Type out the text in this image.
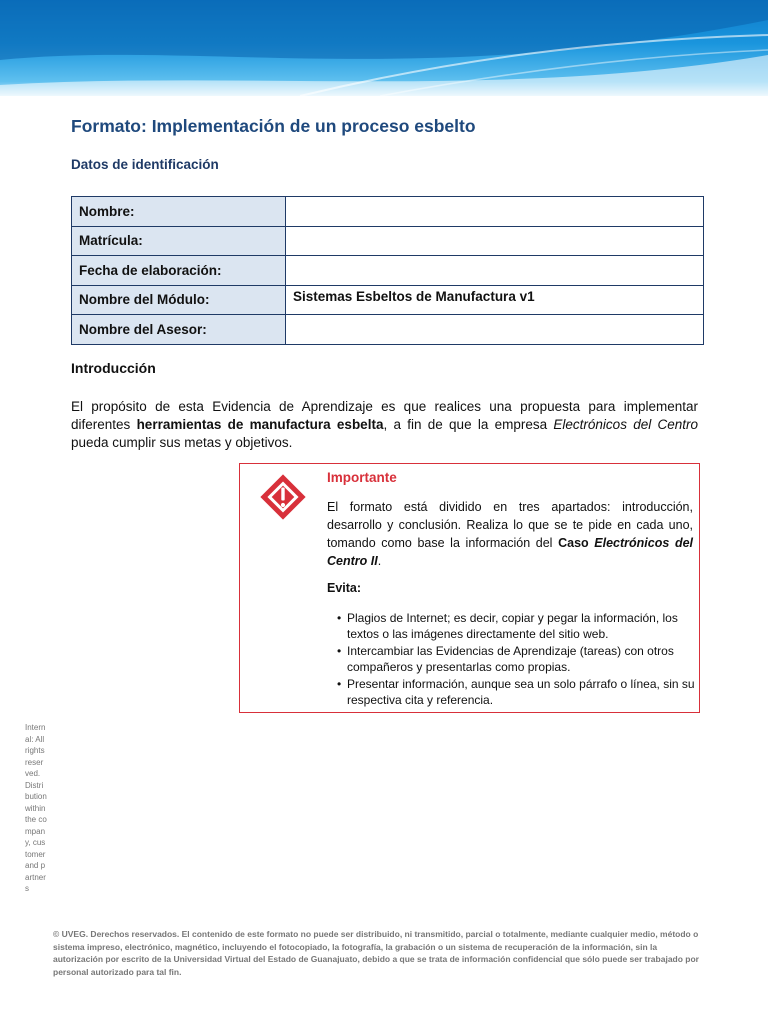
Formato: Implementación de un proceso esbelto
Datos de identificación
Nombre:	
Matrícula:	
Fecha de elaboración:	
Nombre del Módulo:	Sistemas Esbeltos de Manufactura v1
Nombre del Asesor:	
Introducción
El propósito de esta Evidencia de Aprendizaje es que realices una propuesta para implementar diferentes herramientas de manufactura esbelta, a fin de que la empresa Electrónicos del Centro pueda cumplir sus metas y objetivos.
Importante
El formato está dividido en tres apartados: introducción, desarrollo y conclusión. Realiza lo que se te pide en cada uno, tomando como base la información del Caso Electrónicos del Centro II.
Evita:
• Plagios de Internet; es decir, copiar y pegar la información, los textos o las imágenes directamente del sitio web.
• Intercambiar las Evidencias de Aprendizaje (tareas) con otros compañeros y presentarlas como propias.
• Presentar información, aunque sea un solo párrafo o línea, sin su respectiva cita y referencia.
Internal: All rights reserved. Distribution within the company, customer and partners
© UVEG. Derechos reservados. El contenido de este formato no puede ser distribuido, ni transmitido, parcial o totalmente, mediante cualquier medio, método o sistema impreso, electrónico, magnético, incluyendo el fotocopiado, la fotografía, la grabación o un sistema de recuperación de la información, sin la autorización por escrito de la Universidad Virtual del Estado de Guanajuato, debido a que se trata de información confidencial que sólo puede ser trabajado por personal autorizado para tal fin.
